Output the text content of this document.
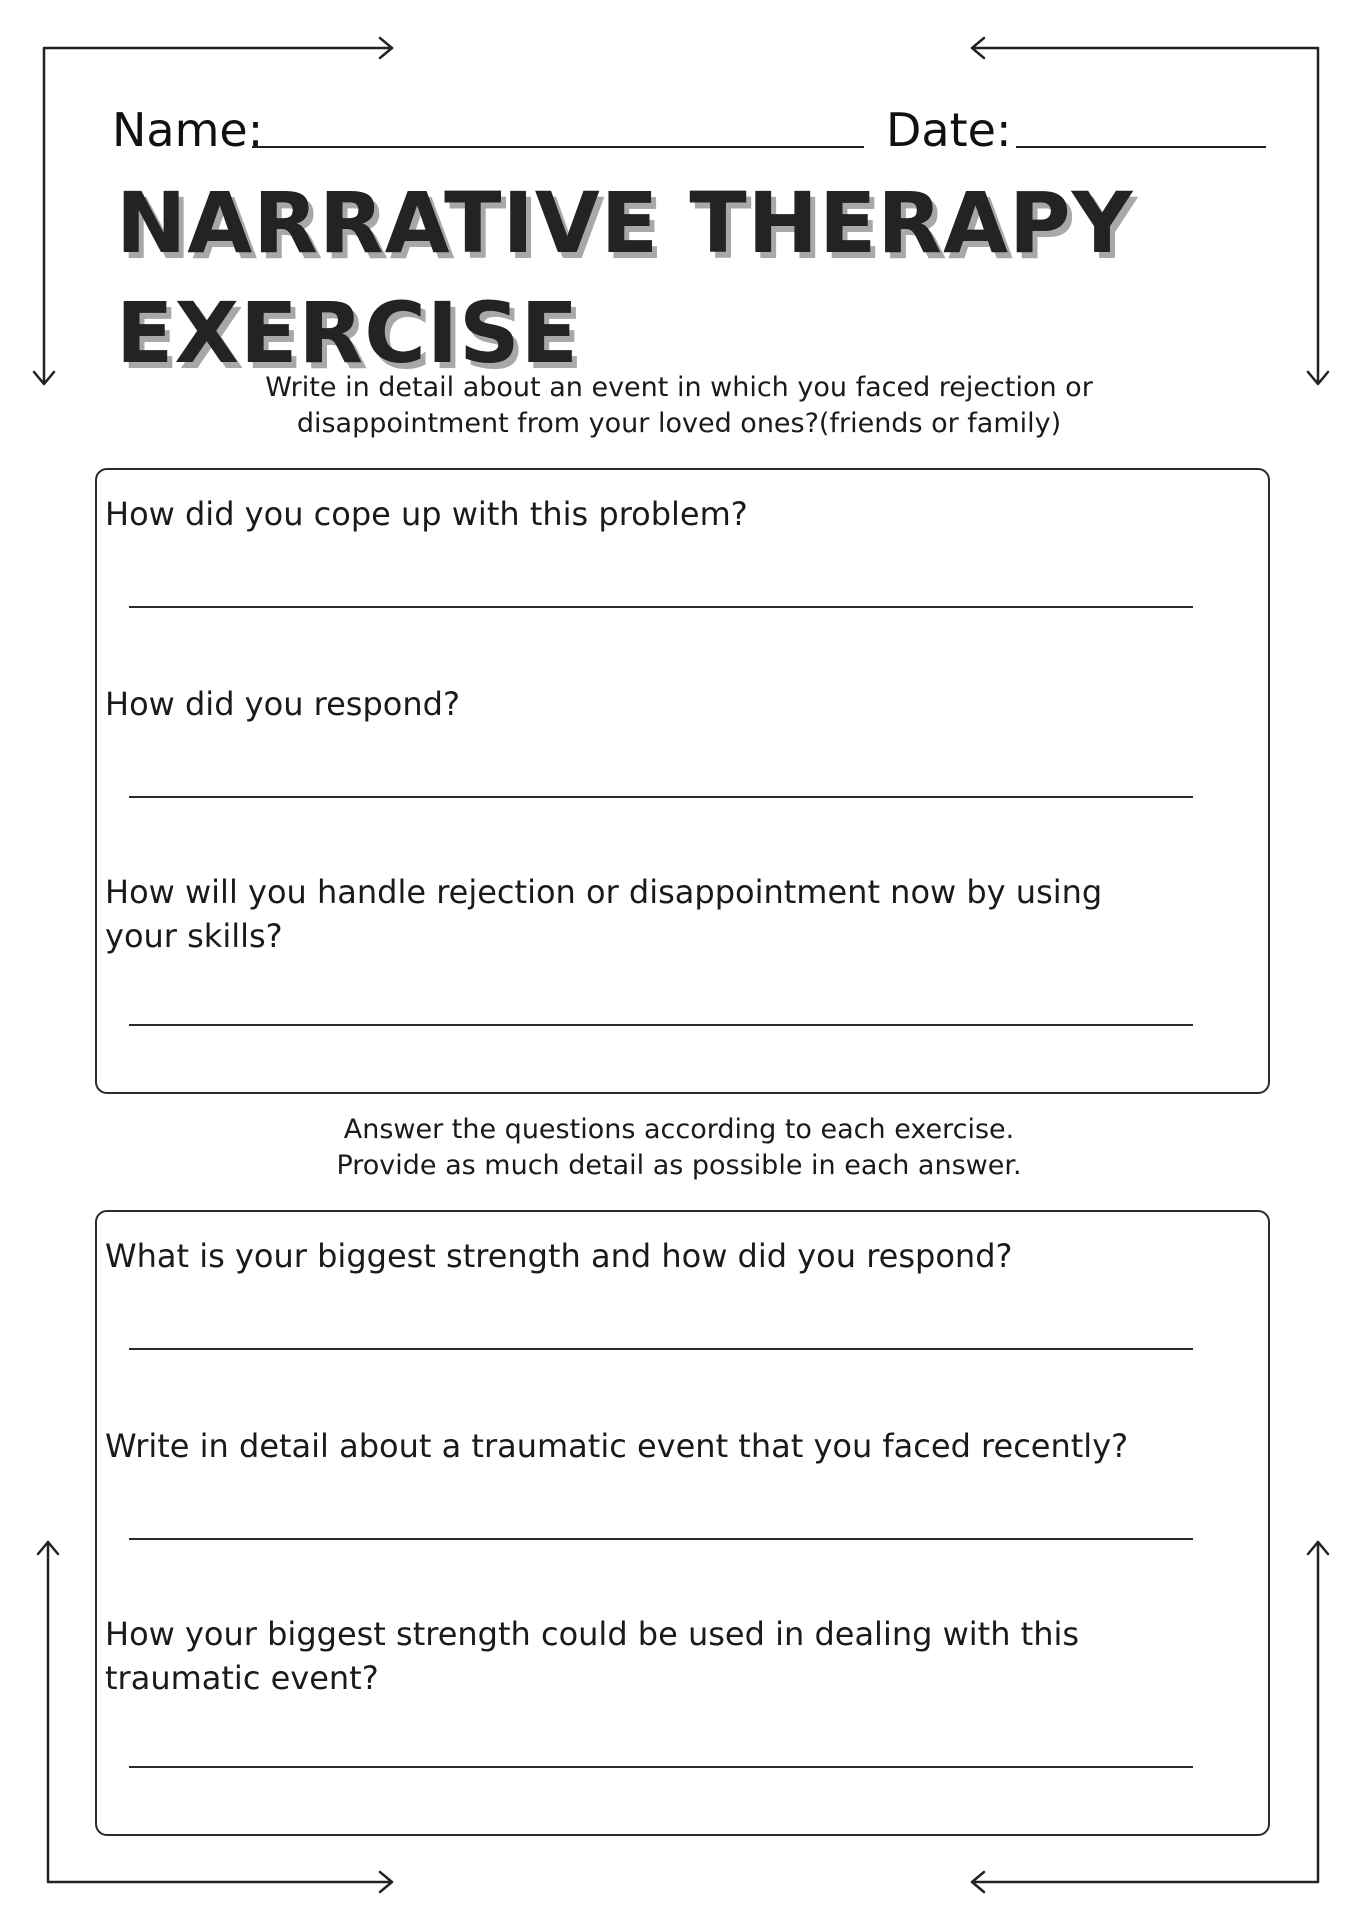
Name:	Date:
NARRATIVE THERAPY
EXERCISE
Write in detail about an event in which you faced rejection or
disappointment from your loved ones?(friends or family)
How did you cope up with this problem?
How did you respond?
How will you handle rejection or disappointment now by using
your skills?
Answer the questions according to each exercise.
Provide as much detail as possible in each answer.
What is your biggest strength and how did you respond?
Write in detail about a traumatic event that you faced recently?
How your biggest strength could be used in dealing with this
traumatic event?
